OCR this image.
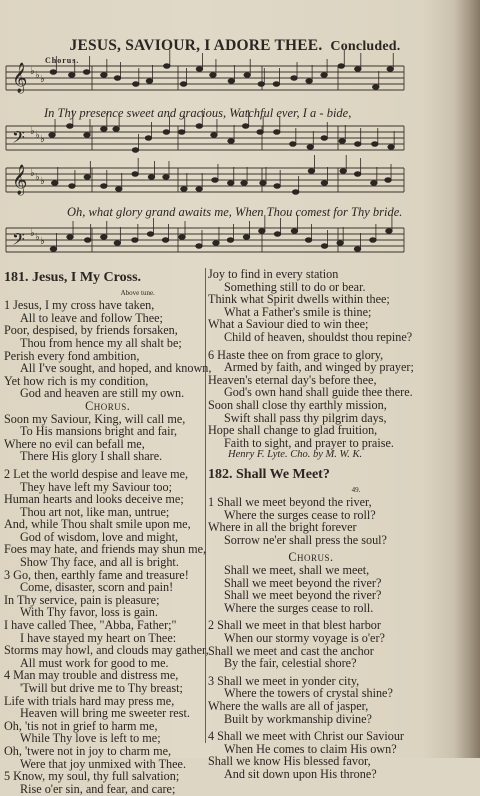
JESUS, SAVIOUR, I ADORE THEE. Concluded.
Chorus.
𝄞 ♭ ♭ ♭
𝄢 ♭ ♭ ♭
𝄞 ♭ ♭ ♭
𝄢 ♭ ♭ ♭
In Thy presence sweet and gracious, Watchful ever, I a - bide,
Oh, what glory grand awaits me, When Thou comest for Thy bride.
181. Jesus, I My Cross.
Above tune.
1 Jesus, I my cross have taken,
All to leave and follow Thee;
Poor, despised, by friends forsaken,
Thou from hence my all shalt be;
Perish every fond ambition,
All I've sought, and hoped, and known,
Yet how rich is my condition,
God and heaven are still my own.
Chorus.
Soon my Saviour, King, will call me,
To His mansions bright and fair,
Where no evil can befall me,
There His glory I shall share.
2 Let the world despise and leave me,
They have left my Saviour too;
Human hearts and looks deceive me;
Thou art not, like man, untrue;
And, while Thou shalt smile upon me,
God of wisdom, love and might,
Foes may hate, and friends may shun me,
Show Thy face, and all is bright.
3 Go, then, earthly fame and treasure!
Come, disaster, scorn and pain!
In Thy service, pain is pleasure;
With Thy favor, loss is gain.
I have called Thee, "Abba, Father;"
I have stayed my heart on Thee:
Storms may howl, and clouds may gather,
All must work for good to me.
4 Man may trouble and distress me,
'Twill but drive me to Thy breast;
Life with trials hard may press me,
Heaven will bring me sweeter rest.
Oh, 'tis not in grief to harm me,
While Thy love is left to me;
Oh, 'twere not in joy to charm me,
Were that joy unmixed with Thee.
5 Know, my soul, thy full salvation;
Rise o'er sin, and fear, and care;
Joy to find in every station
Something still to do or bear.
Think what Spirit dwells within thee;
What a Father's smile is thine;
What a Saviour died to win thee;
Child of heaven, shouldst thou repine?
6 Haste thee on from grace to glory,
Armed by faith, and winged by prayer;
Heaven's eternal day's before thee,
God's own hand shall guide thee there.
Soon shall close thy earthly mission,
Swift shall pass thy pilgrim days,
Hope shall change to glad fruition,
Faith to sight, and prayer to praise.
Henry F. Lyte. Cho. by M. W. K.
182. Shall We Meet?
49.
1 Shall we meet beyond the river,
Where the surges cease to roll?
Where in all the bright forever
Sorrow ne'er shall press the soul?
Chorus.
Shall we meet, shall we meet,
Shall we meet beyond the river?
Shall we meet beyond the river?
Where the surges cease to roll.
2 Shall we meet in that blest harbor
When our stormy voyage is o'er?
Shall we meet and cast the anchor
By the fair, celestial shore?
3 Shall we meet in yonder city,
Where the towers of crystal shine?
Where the walls are all of jasper,
Built by workmanship divine?
4 Shall we meet with Christ our Saviour
When He comes to claim His own?
Shall we know His blessed favor,
And sit down upon His throne?
